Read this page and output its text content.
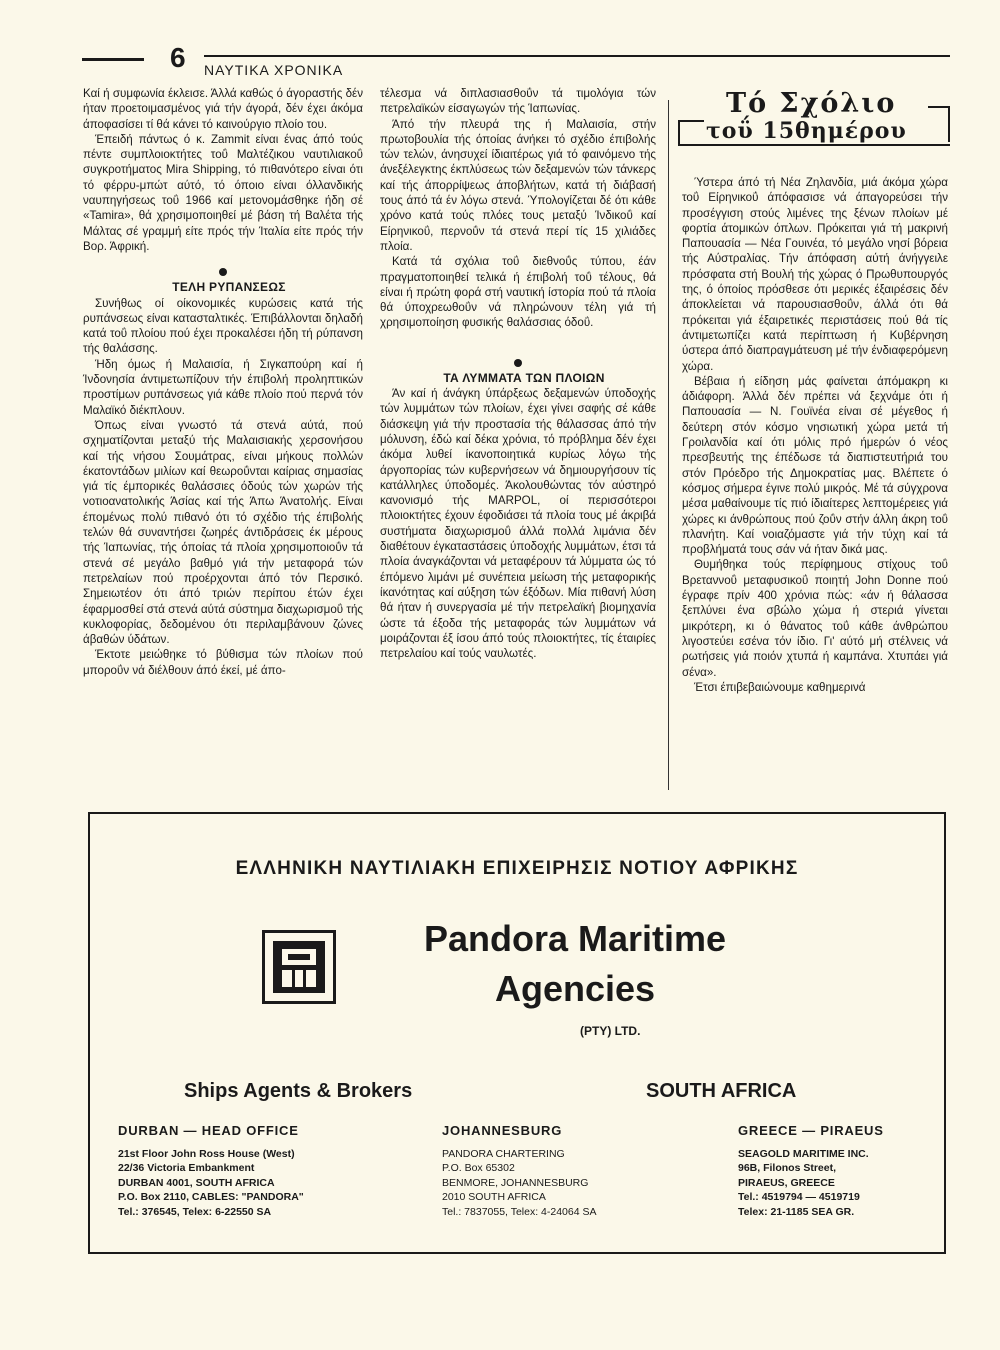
6 ΝΑΥΤΙΚΑ ΧΡΟΝΙΚΑ

Καί ή συμφωνία έκλεισε. Άλλά καθώς ό άγοραστής δέν ήταν προετοιμασμένος γιά τήν άγορά, δέν έχει άκόμα άποφασίσει τί θά κάνει τό καινούργιο πλοίο του.

Έπειδή πάντως ό κ. Zammit είναι ένας άπό τούς πέντε συμπλοιοκτήτες τοΰ Μαλτέζικου ναυτιλιακοΰ συγκροτήματος Mira Shipping, τό πιθανότερο είναι ότι τό φέρρυ-μπώτ αύτό, τό όποιο είναι όλλανδικής ναυπηγήσεως τοΰ 1966 καί μετονομάσθηκε ήδη σέ «Tamira», θά χρησιμοποιηθεί μέ βάση τή Βαλέτα τής Μάλτας σέ γραμμή είτε πρός τήν Ίταλία είτε πρός τήν Βορ. Άφρική.

ΤΕΛΗ ΡΥΠΑΝΣΕΩΣ

Συνήθως οί οίκονομικές κυρώσεις κατά τής ρυπάνσεως είναι κατασταλτικές. Έπιβάλλονται δηλαδή κατά τοΰ πλοίου πού έχει προκαλέσει ήδη τή ρύπανση τής θαλάσσης.

Ήδη όμως ή Μαλαισία, ή Σιγκαπούρη καί ή Ίνδονησία άντιμετωπίζουν τήν έπιβολή προληπτικών προστίμων ρυπάνσεως γιά κάθε πλοίο πού περνά τόν Μαλαϊκό διέκπλουν.

Όπως είναι γνωστό τά στενά αύτά, πού σχηματίζονται μεταξύ τής Μαλαισιακής χερσονήσου καί τής νήσου Σουμάτρας, είναι μήκους πολλών έκατοντάδων μιλίων καί θεωροΰνται καίριας σημασίας γιά τίς έμπορικές θαλάσσιες όδούς τών χωρών τής νοτιοανατολικής Άσίας καί τής Άπω Άνατολής. Είναι έπομένως πολύ πιθανό ότι τό σχέδιο τής έπιβολής τελών θά συναντήσει ζωηρές άντιδράσεις έκ μέρους τής Ίαπωνίας, τής όποίας τά πλοία χρησιμοποιοΰν τά στενά σέ μεγάλο βαθμό γιά τήν μεταφορά τών πετρελαίων πού προέρχονται άπό τόν Περσικό. Σημειωτέον ότι άπό τριών περίπου έτών έχει έφαρμοσθεί στά στενά αύτά σύστημα διαχωρισμοΰ τής κυκλοφορίας, δεδομένου ότι περιλαμβάνουν ζώνες άβαθών ύδάτων.

Έκτοτε μειώθηκε τό βύθισμα τών πλοίων πού μποροΰν νά διέλθουν άπό έκεί, μέ άπο-

τέλεσμα νά διπλασιασθοΰν τά τιμολόγια τών πετρελαϊκών είσαγωγών τής Ίαπωνίας.

Άπό τήν πλευρά της ή Μαλαισία, στήν πρωτοβουλία τής όποίας άνήκει τό σχέδιο έπιβολής τών τελών, άνησυχεί ίδιαιτέρως γιά τό φαινόμενο τής άνεξέλεγκτης έκπλύσεως τών δεξαμενών τών τάνκερς καί τής άπορρίψεως άποβλήτων, κατά τή διάβασή τους άπό τά έν λόγω στενά. Ύπολογίζεται δέ ότι κάθε χρόνο κατά τούς πλόες τους μεταξύ Ίνδικοΰ καί Είρηνικοΰ, περνοΰν τά στενά περί τίς 15 χιλιάδες πλοία.

Κατά τά σχόλια τοΰ διεθνοΰς τύπου, έάν πραγματοποιηθεί τελικά ή έπιβολή τοΰ τέλους, θά είναι ή πρώτη φορά στή ναυτική ίστορία πού τά πλοία θά ύποχρεωθοΰν νά πληρώνουν τέλη γιά τή χρησιμοποίηση φυσικής θαλάσσιας όδοΰ.

ΤΑ ΛΥΜΜΑΤΑ ΤΩΝ ΠΛΟΙΩΝ

Άν καί ή άνάγκη ύπάρξεως δεξαμενών ύποδοχής τών λυμμάτων τών πλοίων, έχει γίνει σαφής σέ κάθε διάσκεψη γιά τήν προστασία τής θάλασσας άπό τήν μόλυνση, έδώ καί δέκα χρόνια, τό πρόβλημα δέν έχει άκόμα λυθεί ίκανοποιητικά κυρίως λόγω τής άργοπορίας τών κυβερνήσεων νά δημιουργήσουν τίς κατάλληλες ύποδομές. Άκολουθώντας τόν αύστηρό κανονισμό τής MARPOL, οί περισσότεροι πλοιοκτήτες έχουν έφοδιάσει τά πλοία τους μέ άκριβά συστήματα διαχωρισμοΰ άλλά πολλά λιμάνια δέν διαθέτουν έγκαταστάσεις ύποδοχής λυμμάτων, έτσι τά πλοία άναγκάζονται νά μεταφέρουν τά λύμματα ώς τό έπόμενο λιμάνι μέ συνέπεια μείωση τής μεταφορικής ίκανότητας καί αύξηση τών έξόδων. Μία πιθανή λύση θά ήταν ή συνεργασία μέ τήν πετρελαϊκή βιομηχανία ώστε τά έξοδα τής μεταφοράς τών λυμμάτων νά μοιράζονται έξ ίσου άπό τούς πλοιοκτήτες, τίς έταιρίες πετρελαίου καί τούς ναυλωτές.

Τό Σχόλιο
τοΰ 15θημέρου

Ύστερα άπό τή Νέα Ζηλανδία, μιά άκόμα χώρα τοΰ Είρηνικοΰ άπόφασισε νά άπαγορεύσει τήν προσέγγιση στούς λιμένες της ξένων πλοίων μέ φορτία άτομικών όπλων. Πρόκειται γιά τή μακρινή Παπουασία — Νέα Γουινέα, τό μεγάλο νησί βόρεια τής Αύστραλίας. Τήν άπόφαση αύτή άνήγγειλε πρόσφατα στή Βουλή τής χώρας ό Πρωθυπουργός της, ό όποίος πρόσθεσε ότι μερικές έξαιρέσεις δέν άποκλείεται νά παρουσιασθοΰν, άλλά ότι θά πρόκειται γιά έξαιρετικές περιστάσεις πού θά τίς άντιμετωπίζει κατά περίπτωση ή Κυβέρνηση ύστερα άπό διαπραγμάτευση μέ τήν ένδιαφερόμενη χώρα.

Βέβαια ή είδηση μάς φαίνεται άπόμακρη κι άδιάφορη. Άλλά δέν πρέπει νά ξεχνάμε ότι ή Παπουασία — Ν. Γουϊνέα είναι σέ μέγεθος ή δεύτερη στόν κόσμο νησιωτική χώρα μετά τή Γροιλανδία καί ότι μόλις πρό ήμερών ό νέος πρεσβευτής της έπέδωσε τά διαπιστευτήριά του στόν Πρόεδρο τής Δημοκρατίας μας. Βλέπετε ό κόσμος σήμερα έγινε πολύ μικρός. Μέ τά σύγχρονα μέσα μαθαίνουμε τίς πιό ίδιαίτερες λεπτομέρειες γιά χώρες κι άνθρώπους πού ζοΰν στήν άλλη άκρη τοΰ πλανήτη. Καί νοιαζόμαστε γιά τήν τύχη καί τά προβλήματά τους σάν νά ήταν δικά μας.

Θυμήθηκα τούς περίφημους στίχους τοΰ Βρεταννοΰ μεταφυσικοΰ ποιητή John Donne πού έγραφε πρίν 400 χρόνια πώς: «άν ή θάλασσα ξεπλύνει ένα σβώλο χώμα ή στεριά γίνεται μικρότερη, κι ό θάνατος τοΰ κάθε άνθρώπου λιγοστεύει εσένα τόν ίδιο. Γι' αύτό μή στέλνεις νά ρωτήσεις γιά ποιόν χτυπά ή καμπάνα. Χτυπάει γιά σένα».

Έτσι έπιβεβαιώνουμε καθημερινά

ΕΛΛΗΝΙΚΗ ΝΑΥΤΙΛΙΑΚΗ ΕΠΙΧΕΙΡΗΣΙΣ ΝΟΤΙΟΥ ΑΦΡΙΚΗΣ
Pandora Maritime
Agencies
(PTY) LTD.
Ships Agents & Brokers	SOUTH AFRICA
DURBAN — HEAD OFFICE
21st Floor John Ross House (West)
22/36 Victoria Embankment
DURBAN 4001, SOUTH AFRICA
P.O. Box 2110, CABLES: "PANDORA"
Tel.: 376545, Telex: 6-22550 SA
JOHANNESBURG
PANDORA CHARTERING
P.O. Box 65302
BENMORE, JOHANNESBURG
2010 SOUTH AFRICA
Tel.: 7837055, Telex: 4-24064 SA
GREECE — PIRAEUS
SEAGOLD MARITIME INC.
96B, Filonos Street,
PIRAEUS, GREECE
Tel.: 4519794 — 4519719
Telex: 21-1185 SEA GR.
